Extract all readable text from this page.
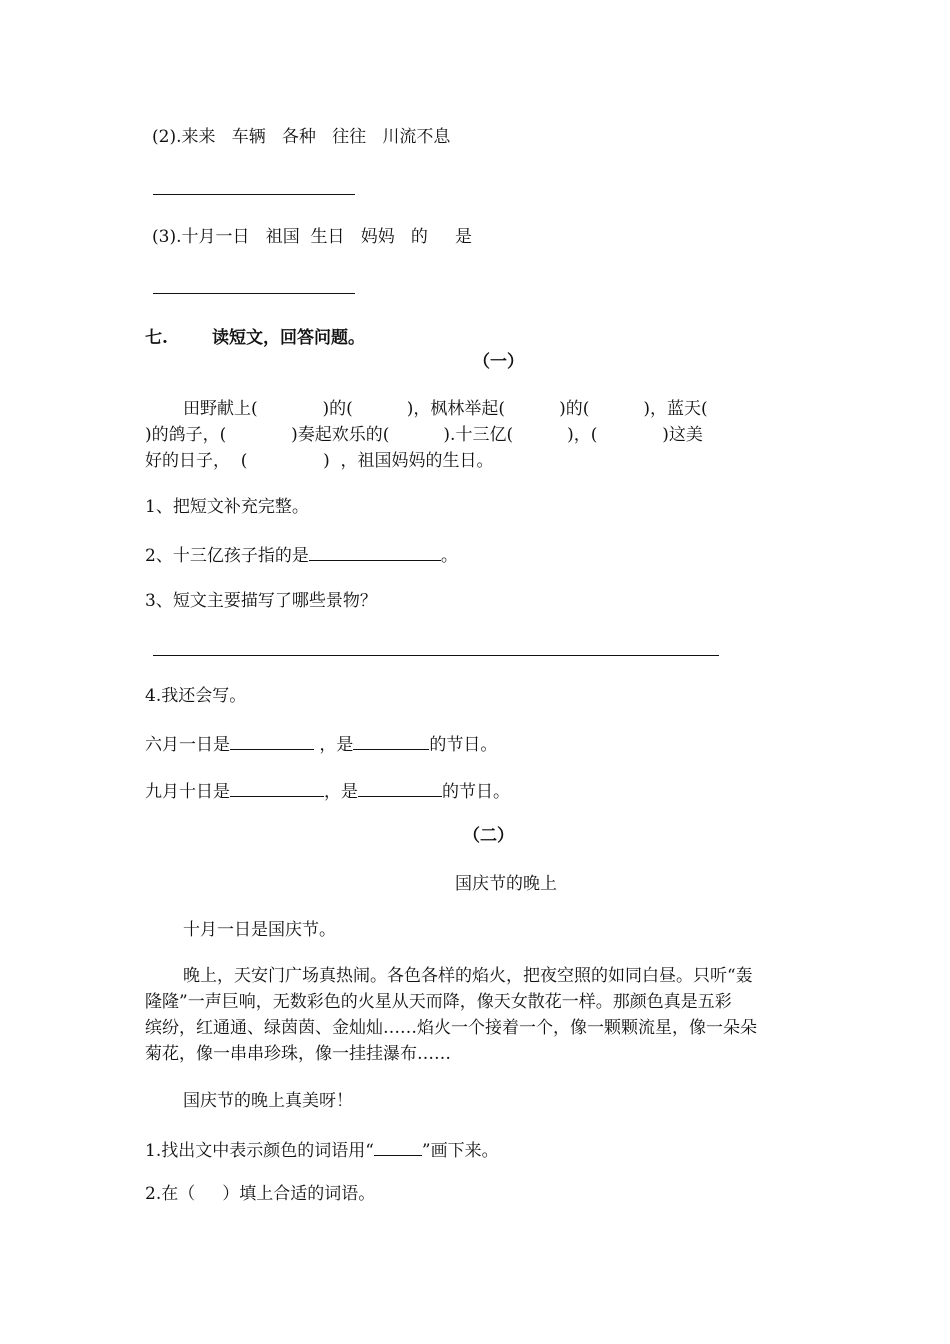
(2).来来   车辆   各种   往往   川流不息
(3).十月一日   祖国  生日   妈妈   的     是
七.	读短文，回答问题。
（一）
田野献上(            )的(          )，枫林举起(          )的(          )，蓝天(
)的鸽子，(            )奏起欢乐的(          ).十三亿(          )，(            )这美
好的日子，  (              )  ，祖国妈妈的生日。
1、把短文补充完整。
2、十三亿孩子指的是	。
3、短文主要描写了哪些景物？
4.我还会写。
六月一日是	，是	的节日。
九月十日是	，是	的节日。
（二）
国庆节的晚上
十月一日是国庆节。
晚上，天安门广场真热闹。各色各样的焰火，把夜空照的如同白昼。只听“轰
隆隆”一声巨响，无数彩色的火星从天而降，像天女散花一样。那颜色真是五彩
缤纷，红通通、绿茵茵、金灿灿……焰火一个接着一个，像一颗颗流星，像一朵朵
菊花，像一串串珍珠，像一挂挂瀑布……
国庆节的晚上真美呀！
1.找出文中表示颜色的词语用“	”画下来。
2.在（     ）填上合适的词语。
